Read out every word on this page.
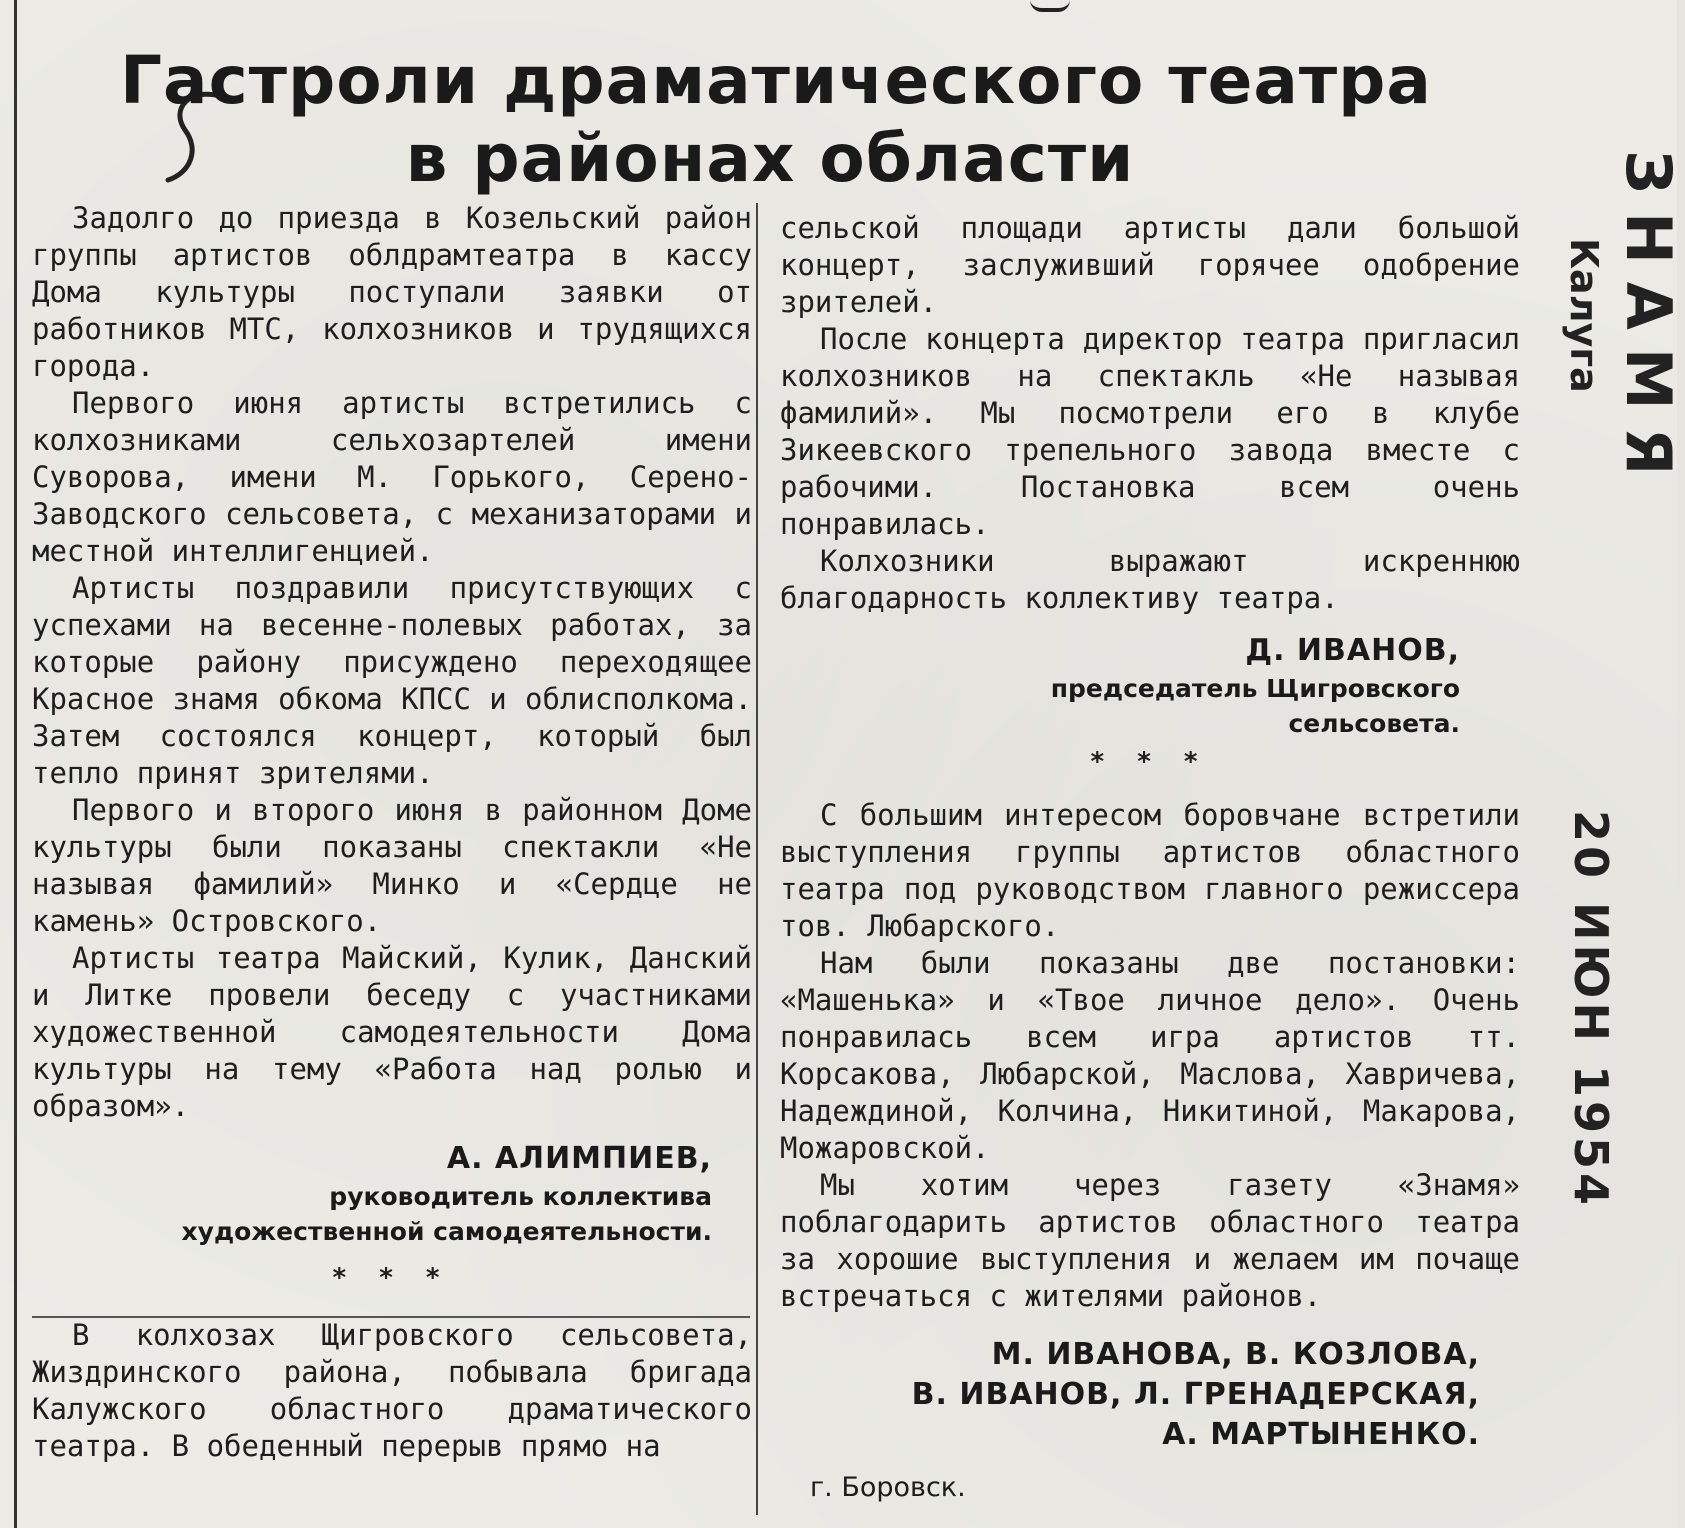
Гастроли драматического театра
в районах области

Задолго до приезда в Козельский район группы артистов облдрамтеатра в кассу Дома культуры поступали заявки от работников МТС, колхозников и трудящихся города.

Первого июня артисты встретились с колхозниками сельхозартелей имени Суворова, имени М. Горького, Серено-Заводского сельсовета, с механизаторами и местной интеллигенцией.

Артисты поздравили присутствующих с успехами на весенне-полевых работах, за которые району присуждено переходящее Красное знамя обкома КПСС и облисполкома. Затем состоялся концерт, который был тепло принят зрителями.

Первого и второго июня в районном Доме культуры были показаны спектакли «Не называя фамилий» Минко и «Сердце не камень» Островского.

Артисты театра Майский, Кулик, Данский и Литке провели беседу с участниками художественной самодеятельности Дома культуры на тему «Работа над ролью и образом».

А. АЛИМПИЕВ,
руководитель коллектива
художественной самодеятельности.
* * *

В колхозах Щигровского сельсовета, Жиздринского района, побывала бригада Калужского областного драматического театра. В обеденный перерыв прямо на

сельской площади артисты дали большой концерт, заслуживший горячее одобрение зрителей.

После концерта директор театра пригласил колхозников на спектакль «Не называя фамилий». Мы посмотрели его в клубе Зикеевского трепельного завода вместе с рабочими. Постановка всем очень понравилась.

Колхозники выражают искреннюю благодарность коллективу театра.

Д. ИВАНОВ,
председатель Щигровского
сельсовета.
* * *

С большим интересом боровчане встретили выступления группы артистов областного театра под руководством главного режиссера тов. Любарского.

Нам были показаны две постановки: «Машенька» и «Твое личное дело». Очень понравилась всем игра артистов тт. Корсакова, Любарской, Маслова, Хавричева, Надеждиной, Колчина, Никитиной, Макарова, Можаровской.

Мы хотим через газету «Знамя» поблагодарить артистов областного театра за хорошие выступления и желаем им почаще встречаться с жителями районов.

М. ИВАНОВА, В. КОЗЛОВА,
В. ИВАНОВ, Л. ГРЕНАДЕРСКАЯ,
А. МАРТЫНЕНКО.
г. Боровск.
ЗНАМЯ
Калуга
20 ИЮН 1954
